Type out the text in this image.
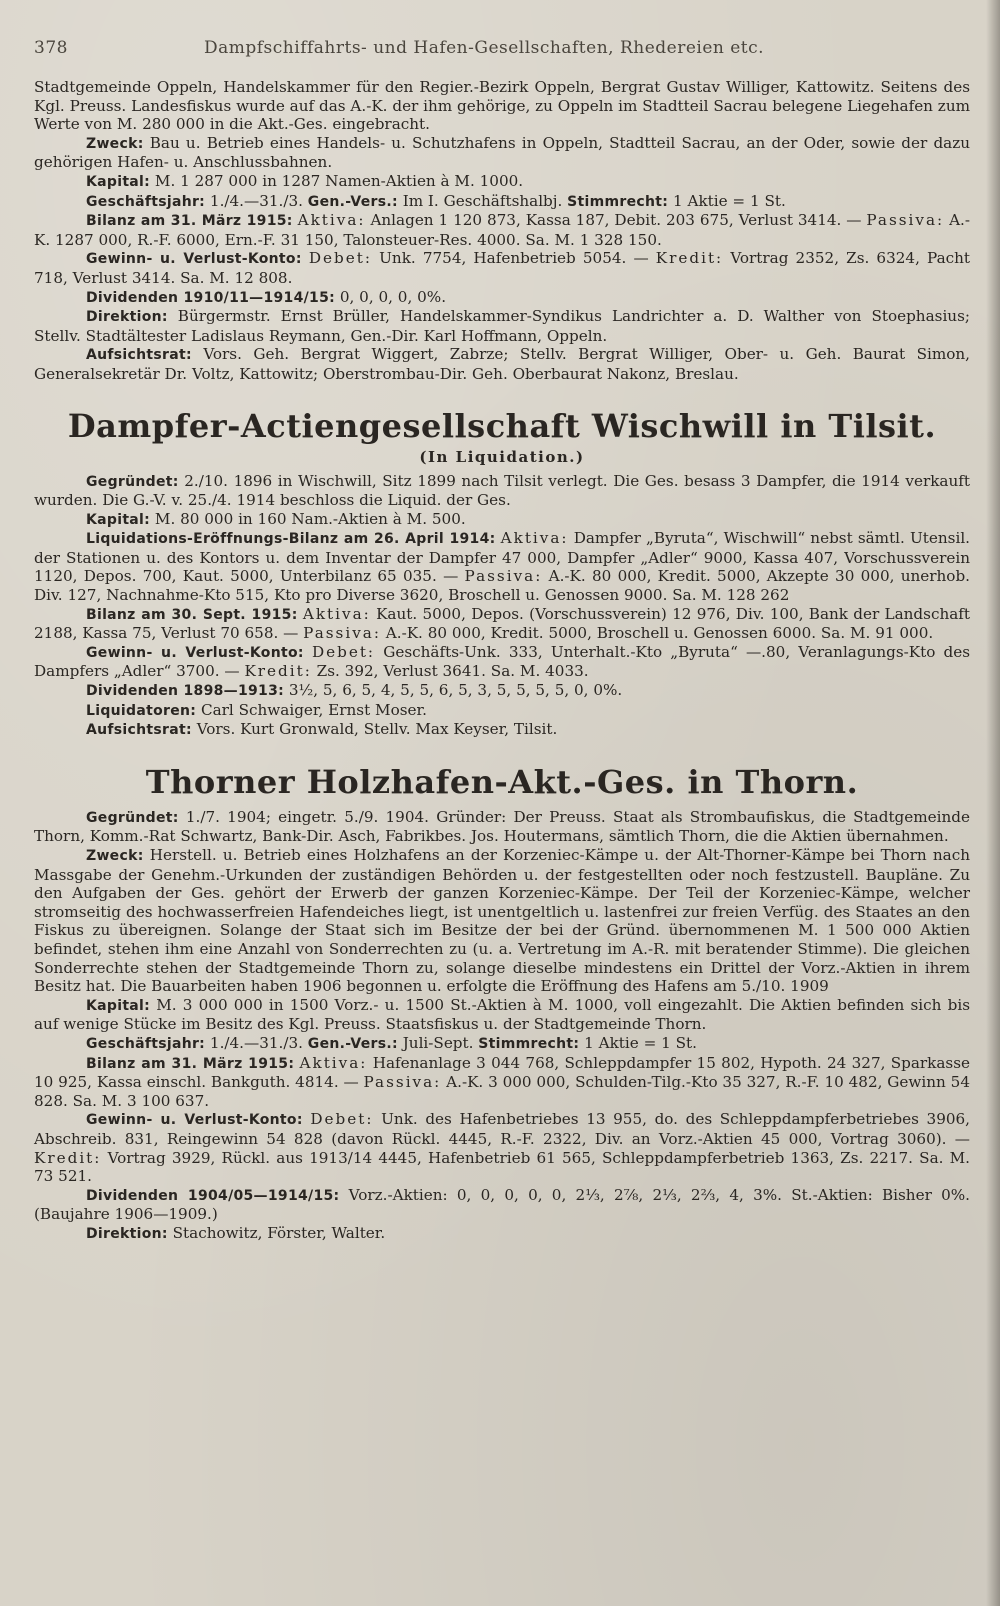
378	Dampfschiffahrts- und Hafen-Gesellschaften, Rhedereien etc.

Stadtgemeinde Oppeln, Handelskammer für den Regier.-Bezirk Oppeln, Bergrat Gustav Williger, Kattowitz. Seitens des Kgl. Preuss. Landesfiskus wurde auf das A.-K. der ihm gehörige, zu Oppeln im Stadtteil Sacrau belegene Liegehafen zum Werte von M. 280 000 in die Akt.-Ges. eingebracht.

Zweck: Bau u. Betrieb eines Handels- u. Schutzhafens in Oppeln, Stadtteil Sacrau, an der Oder, sowie der dazu gehörigen Hafen- u. Anschlussbahnen.

Kapital: M. 1 287 000 in 1287 Namen-Aktien à M. 1000.

Geschäftsjahr: 1./4.—31./3. Gen.-Vers.: Im I. Geschäftshalbj. Stimmrecht: 1 Aktie = 1 St.

Bilanz am 31. März 1915: Aktiva: Anlagen 1 120 873, Kassa 187, Debit. 203 675, Verlust 3414. — Passiva: A.-K. 1287 000, R.-F. 6000, Ern.-F. 31 150, Talonsteuer-Res. 4000. Sa. M. 1 328 150.

Gewinn- u. Verlust-Konto: Debet: Unk. 7754, Hafenbetrieb 5054. — Kredit: Vortrag 2352, Zs. 6324, Pacht 718, Verlust 3414. Sa. M. 12 808.

Dividenden 1910/11—1914/15: 0, 0, 0, 0, 0%.

Direktion: Bürgermstr. Ernst Brüller, Handelskammer-Syndikus Landrichter a. D. Walther von Stoephasius; Stellv. Stadtältester Ladislaus Reymann, Gen.-Dir. Karl Hoffmann, Oppeln.

Aufsichtsrat: Vors. Geh. Bergrat Wiggert, Zabrze; Stellv. Bergrat Williger, Ober- u. Geh. Baurat Simon, Generalsekretär Dr. Voltz, Kattowitz; Oberstrombau-Dir. Geh. Oberbaurat Nakonz, Breslau.

Dampfer-Actiengesellschaft Wischwill in Tilsit.
(In Liquidation.)

Gegründet: 2./10. 1896 in Wischwill, Sitz 1899 nach Tilsit verlegt. Die Ges. besass 3 Dampfer, die 1914 verkauft wurden. Die G.-V. v. 25./4. 1914 beschloss die Liquid. der Ges.

Kapital: M. 80 000 in 160 Nam.-Aktien à M. 500.

Liquidations-Eröffnungs-Bilanz am 26. April 1914: Aktiva: Dampfer „Byruta“, Wischwill“ nebst sämtl. Utensil. der Stationen u. des Kontors u. dem Inventar der Dampfer 47 000, Dampfer „Adler“ 9000, Kassa 407, Vorschussverein 1120, Depos. 700, Kaut. 5000, Unterbilanz 65 035. — Passiva: A.-K. 80 000, Kredit. 5000, Akzepte 30 000, unerhob. Div. 127, Nachnahme-Kto 515, Kto pro Diverse 3620, Broschell u. Genossen 9000. Sa. M. 128 262

Bilanz am 30. Sept. 1915: Aktiva: Kaut. 5000, Depos. (Vorschussverein) 12 976, Div. 100, Bank der Landschaft 2188, Kassa 75, Verlust 70 658. — Passiva: A.-K. 80 000, Kredit. 5000, Broschell u. Genossen 6000. Sa. M. 91 000.

Gewinn- u. Verlust-Konto: Debet: Geschäfts-Unk. 333, Unterhalt.-Kto „Byruta“ —.80, Veranlagungs-Kto des Dampfers „Adler“ 3700. — Kredit: Zs. 392, Verlust 3641. Sa. M. 4033.

Dividenden 1898—1913: 3½, 5, 6, 5, 4, 5, 5, 6, 5, 3, 5, 5, 5, 5, 0, 0%.

Liquidatoren: Carl Schwaiger, Ernst Moser.

Aufsichtsrat: Vors. Kurt Gronwald, Stellv. Max Keyser, Tilsit.

Thorner Holzhafen-Akt.-Ges. in Thorn.

Gegründet: 1./7. 1904; eingetr. 5./9. 1904. Gründer: Der Preuss. Staat als Strombaufiskus, die Stadtgemeinde Thorn, Komm.-Rat Schwartz, Bank-Dir. Asch, Fabrikbes. Jos. Houtermans, sämtlich Thorn, die die Aktien übernahmen.

Zweck: Herstell. u. Betrieb eines Holzhafens an der Korzeniec-Kämpe u. der Alt-Thorner-Kämpe bei Thorn nach Massgabe der Genehm.-Urkunden der zuständigen Behörden u. der festgestellten oder noch festzustell. Baupläne. Zu den Aufgaben der Ges. gehört der Erwerb der ganzen Korzeniec-Kämpe. Der Teil der Korzeniec-Kämpe, welcher stromseitig des hochwasserfreien Hafendeiches liegt, ist unentgeltlich u. lastenfrei zur freien Verfüg. des Staates an den Fiskus zu übereignen. Solange der Staat sich im Besitze der bei der Gründ. übernommenen M. 1 500 000 Aktien befindet, stehen ihm eine Anzahl von Sonderrechten zu (u. a. Vertretung im A.-R. mit beratender Stimme). Die gleichen Sonderrechte stehen der Stadtgemeinde Thorn zu, solange dieselbe mindestens ein Drittel der Vorz.-Aktien in ihrem Besitz hat. Die Bauarbeiten haben 1906 begonnen u. erfolgte die Eröffnung des Hafens am 5./10. 1909

Kapital: M. 3 000 000 in 1500 Vorz.- u. 1500 St.-Aktien à M. 1000, voll eingezahlt. Die Aktien befinden sich bis auf wenige Stücke im Besitz des Kgl. Preuss. Staatsfiskus u. der Stadtgemeinde Thorn.

Geschäftsjahr: 1./4.—31./3. Gen.-Vers.: Juli-Sept. Stimmrecht: 1 Aktie = 1 St.

Bilanz am 31. März 1915: Aktiva: Hafenanlage 3 044 768, Schleppdampfer 15 802, Hypoth. 24 327, Sparkasse 10 925, Kassa einschl. Bankguth. 4814. — Passiva: A.-K. 3 000 000, Schulden-Tilg.-Kto 35 327, R.-F. 10 482, Gewinn 54 828. Sa. M. 3 100 637.

Gewinn- u. Verlust-Konto: Debet: Unk. des Hafenbetriebes 13 955, do. des Schleppdampferbetriebes 3906, Abschreib. 831, Reingewinn 54 828 (davon Rückl. 4445, R.-F. 2322, Div. an Vorz.-Aktien 45 000, Vortrag 3060). — Kredit: Vortrag 3929, Rückl. aus 1913/14 4445, Hafenbetrieb 61 565, Schleppdampferbetrieb 1363, Zs. 2217. Sa. M. 73 521.

Dividenden 1904/05—1914/15: Vorz.-Aktien: 0, 0, 0, 0, 0, 2⅓, 2⅞, 2⅓, 2⅔, 4, 3%. St.-Aktien: Bisher 0%. (Baujahre 1906—1909.)

Direktion: Stachowitz, Förster, Walter.
